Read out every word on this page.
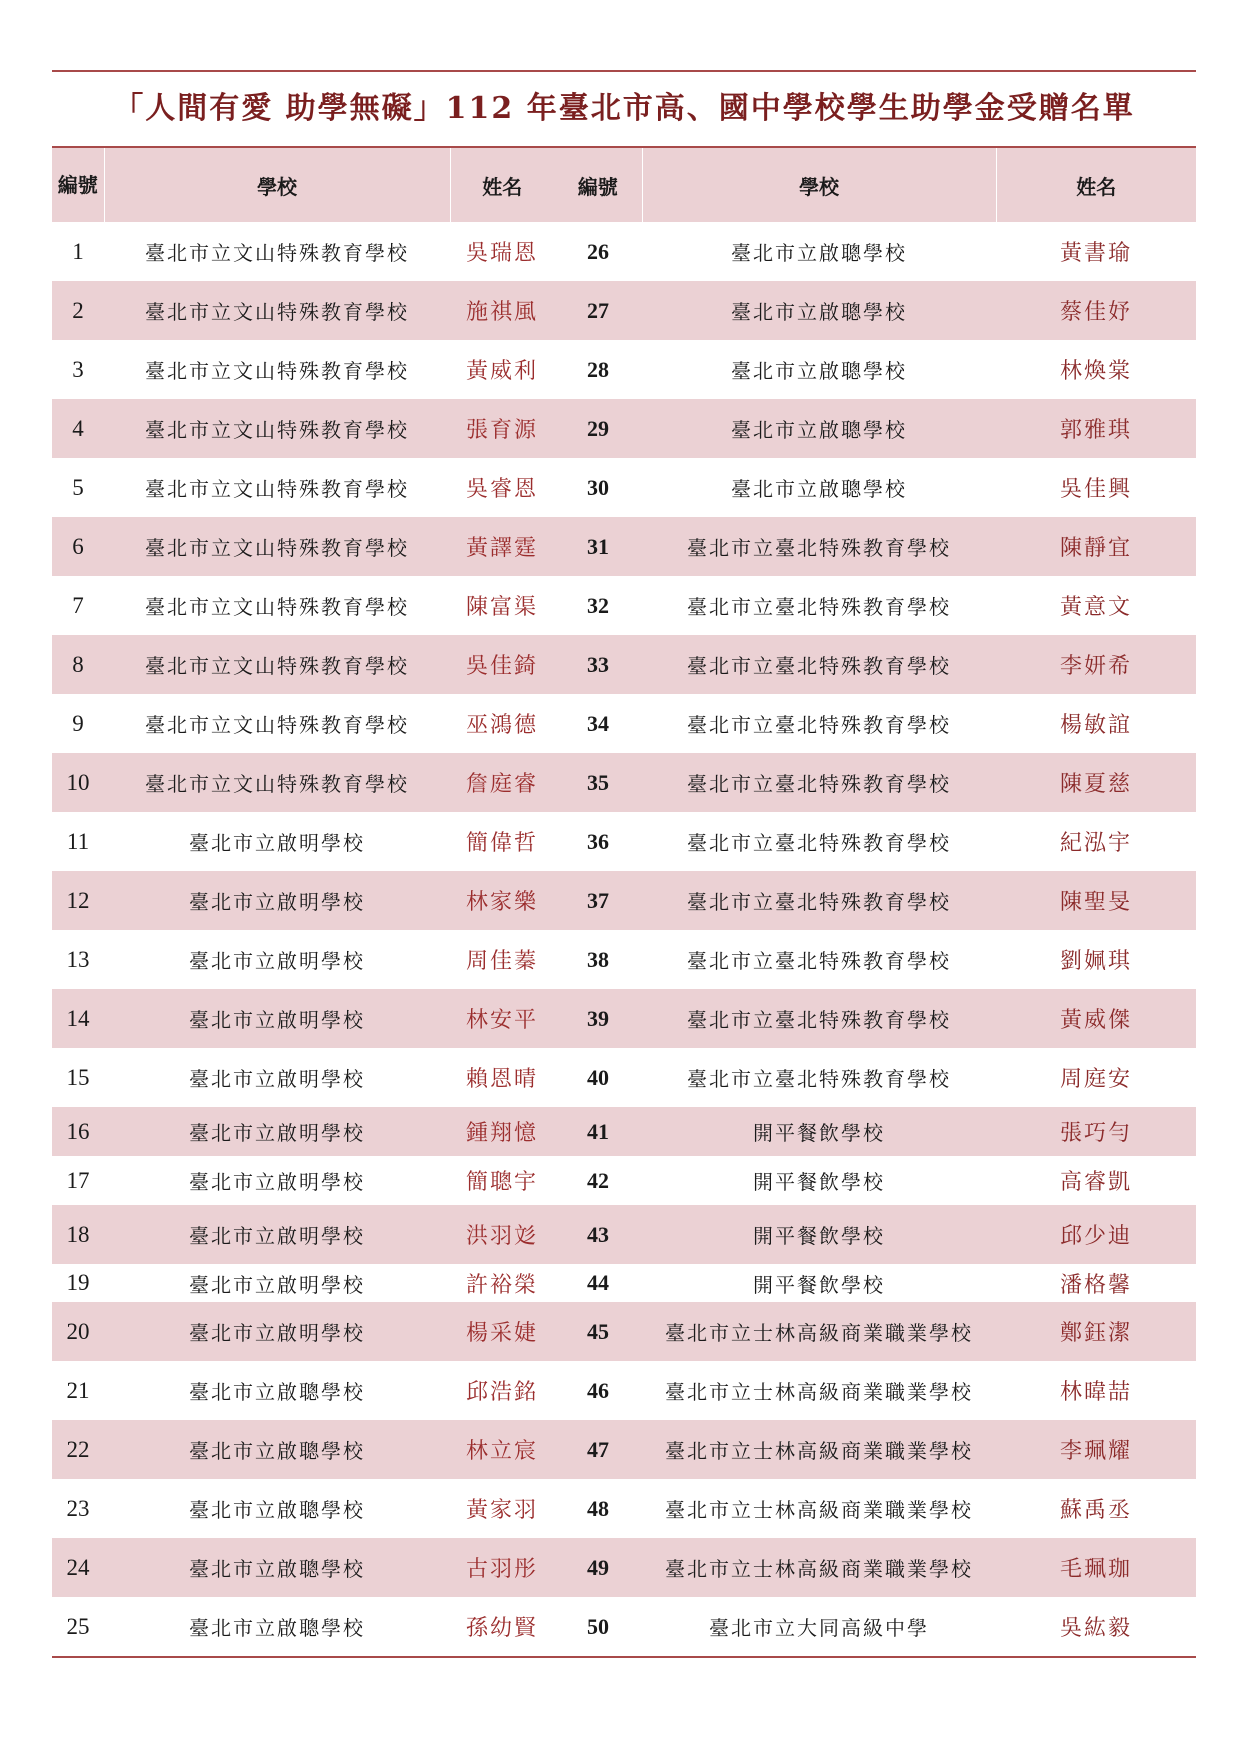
「人間有愛 助學無礙」112 年臺北市高、國中學校學生助學金受贈名單
編號	學校	姓名	編號	學校	姓名
1	臺北市立文山特殊教育學校	吳瑞恩	26	臺北市立啟聰學校	黃書瑜
2	臺北市立文山特殊教育學校	施祺風	27	臺北市立啟聰學校	蔡佳妤
3	臺北市立文山特殊教育學校	黃威利	28	臺北市立啟聰學校	林煥棠
4	臺北市立文山特殊教育學校	張育源	29	臺北市立啟聰學校	郭雅琪
5	臺北市立文山特殊教育學校	吳睿恩	30	臺北市立啟聰學校	吳佳興
6	臺北市立文山特殊教育學校	黃譯霆	31	臺北市立臺北特殊教育學校	陳靜宜
7	臺北市立文山特殊教育學校	陳富渠	32	臺北市立臺北特殊教育學校	黃意文
8	臺北市立文山特殊教育學校	吳佳錡	33	臺北市立臺北特殊教育學校	李妍希
9	臺北市立文山特殊教育學校	巫鴻德	34	臺北市立臺北特殊教育學校	楊敏誼
10	臺北市立文山特殊教育學校	詹庭睿	35	臺北市立臺北特殊教育學校	陳夏慈
11	臺北市立啟明學校	簡偉哲	36	臺北市立臺北特殊教育學校	紀泓宇
12	臺北市立啟明學校	林家樂	37	臺北市立臺北特殊教育學校	陳聖旻
13	臺北市立啟明學校	周佳蓁	38	臺北市立臺北特殊教育學校	劉姵琪
14	臺北市立啟明學校	林安平	39	臺北市立臺北特殊教育學校	黃威傑
15	臺北市立啟明學校	賴恩晴	40	臺北市立臺北特殊教育學校	周庭安
16	臺北市立啟明學校	鍾翔憶	41	開平餐飲學校	張巧勻
17	臺北市立啟明學校	簡聰宇	42	開平餐飲學校	高睿凱
18	臺北市立啟明學校	洪羽彣	43	開平餐飲學校	邱少迪
19	臺北市立啟明學校	許裕榮	44	開平餐飲學校	潘格馨
20	臺北市立啟明學校	楊采婕	45	臺北市立士林高級商業職業學校	鄭鈺潔
21	臺北市立啟聰學校	邱浩銘	46	臺北市立士林高級商業職業學校	林暐喆
22	臺北市立啟聰學校	林立宸	47	臺北市立士林高級商業職業學校	李珮耀
23	臺北市立啟聰學校	黃家羽	48	臺北市立士林高級商業職業學校	蘇禹丞
24	臺北市立啟聰學校	古羽彤	49	臺北市立士林高級商業職業學校	毛珮珈
25	臺北市立啟聰學校	孫幼賢	50	臺北市立大同高級中學	吳紘毅
